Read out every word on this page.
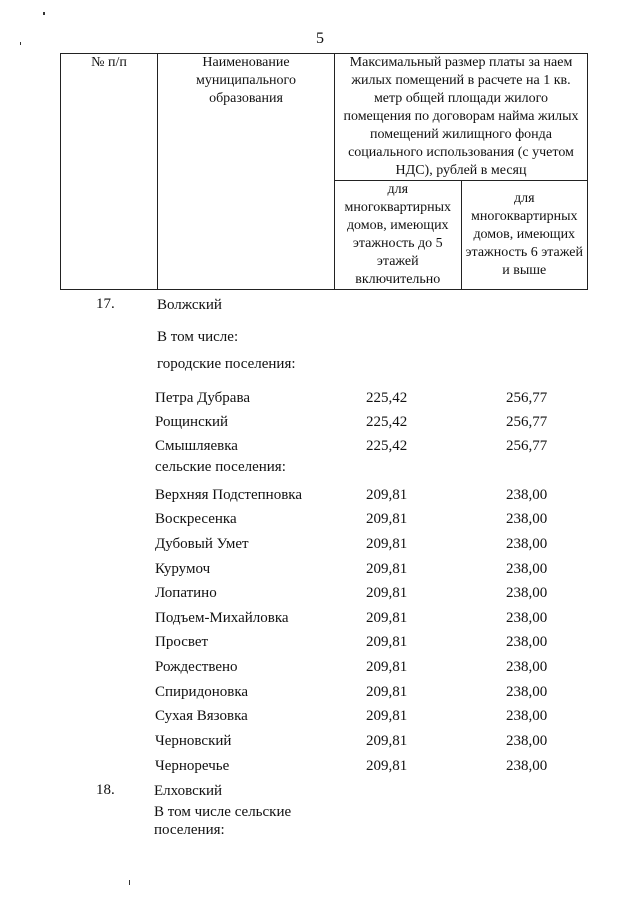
5
№ п/п	Наименование муниципального образования	Максимальный размер платы за наем жилых помещений в расчете на 1 кв. метр общей площади жилого помещения по договорам найма жилых помещений жилищного фонда социального использования (с учетом НДС), рублей в месяц	
		для многоквартирных домов, имеющих этажность до 5 этажей включительно	для многоквартирных домов, имеющих этажность 6 этажей и выше
17.	Волжский
В том числе:
городские поселения:
Петра Дубрава	225,42	256,77
Рощинский	225,42	256,77
Смышляевка	225,42	256,77
сельские поселения:
Верхняя Подстепновка	209,81	238,00
Воскресенка	209,81	238,00
Дубовый Умет	209,81	238,00
Курумоч	209,81	238,00
Лопатино	209,81	238,00
Подъем-Михайловка	209,81	238,00
Просвет	209,81	238,00
Рождествено	209,81	238,00
Спиридоновка	209,81	238,00
Сухая Вязовка	209,81	238,00
Черновский	209,81	238,00
Черноречье	209,81	238,00
18.	Елховский
В том числе сельские поселения:
